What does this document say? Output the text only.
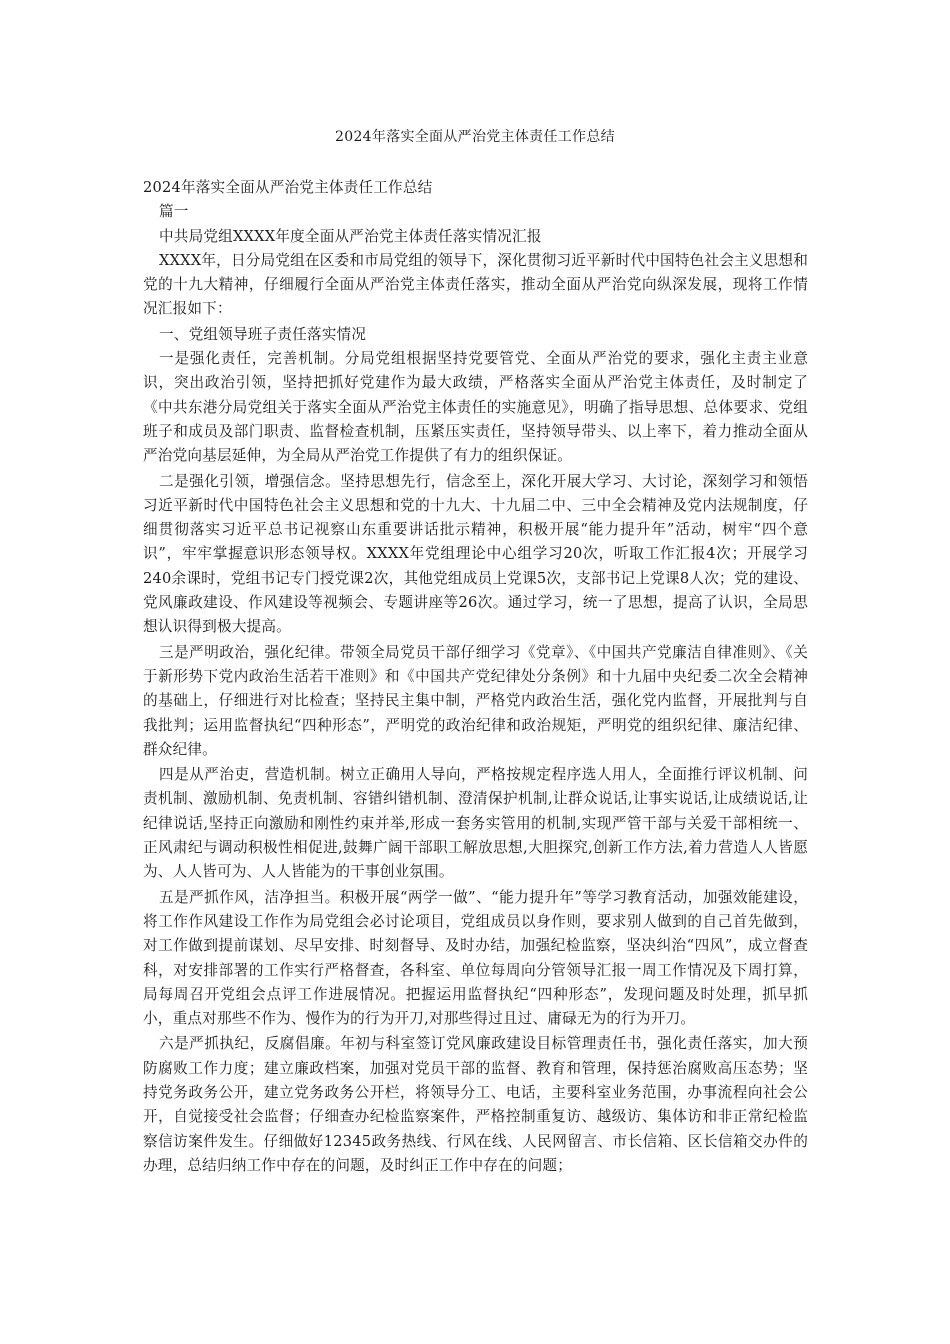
2024年落实全面从严治党主体责任工作总结

2024年落实全面从严治党主体责任工作总结

篇一

中共局党组XXXX年度全面从严治党主体责任落实情况汇报

XXXX年，日分局党组在区委和市局党组的领导下，深化贯彻习近平新时代中国特色社会主义思想和党的十九大精神，仔细履行全面从严治党主体责任落实，推动全面从严治党向纵深发展，现将工作情况汇报如下：

一、党组领导班子责任落实情况

一是强化责任，完善机制。分局党组根据坚持党要管党、全面从严治党的要求，强化主责主业意识，突出政治引领，坚持把抓好党建作为最大政绩，严格落实全面从严治党主体责任，及时制定了《中共东港分局党组关于落实全面从严治党主体责任的实施意见》，明确了指导思想、总体要求、党组班子和成员及部门职责、监督检查机制，压紧压实责任，坚持领导带头、以上率下，着力推动全面从严治党向基层延伸，为全局从严治党工作提供了有力的组织保证。

二是强化引领，增强信念。坚持思想先行，信念至上，深化开展大学习、大讨论，深刻学习和领悟习近平新时代中国特色社会主义思想和党的十九大、十九届二中、三中全会精神及党内法规制度，仔细贯彻落实习近平总书记视察山东重要讲话批示精神，积极开展“能力提升年”活动，树牢“四个意识”，牢牢掌握意识形态领导权。XXXX年党组理论中心组学习20次，听取工作汇报4次；开展学习240余课时，党组书记专门授党课2次，其他党组成员上党课5次，支部书记上党课8人次；党的建设、党风廉政建设、作风建设等视频会、专题讲座等26次。通过学习，统一了思想，提高了认识，全局思想认识得到极大提高。

三是严明政治，强化纪律。带领全局党员干部仔细学习《党章》、《中国共产党廉洁自律准则》、《关于新形势下党内政治生活若干准则》和《中国共产党纪律处分条例》和十九届中央纪委二次全会精神的基础上，仔细进行对比检查；坚持民主集中制，严格党内政治生活，强化党内监督，开展批判与自我批判；运用监督执纪“四种形态”，严明党的政治纪律和政治规矩，严明党的组织纪律、廉洁纪律、群众纪律。

四是从严治吏，营造机制。树立正确用人导向，严格按规定程序选人用人，全面推行评议机制、问责机制、激励机制、免责机制、容错纠错机制、澄清保护机制,让群众说话,让事实说话,让成绩说话,让纪律说话,坚持正向激励和刚性约束并举,形成一套务实管用的机制,实现严管干部与关爱干部相统一、正风肃纪与调动积极性相促进,鼓舞广阔干部职工解放思想,大胆探究,创新工作方法,着力营造人人皆愿为、人人皆可为、人人皆能为的干事创业氛围。

五是严抓作风，洁净担当。积极开展“两学一做”、“能力提升年”等学习教育活动，加强效能建设，将工作作风建设工作作为局党组会必讨论项目，党组成员以身作则，要求别人做到的自己首先做到，对工作做到提前谋划、尽早安排、时刻督导、及时办结，加强纪检监察，坚决纠治“四风”，成立督查科，对安排部署的工作实行严格督查，各科室、单位每周向分管领导汇报一周工作情况及下周打算，局每周召开党组会点评工作进展情况。把握运用监督执纪“四种形态”，发现问题及时处理，抓早抓小，重点对那些不作为、慢作为的行为开刀,对那些得过且过、庸碌无为的行为开刀。

六是严抓执纪，反腐倡廉。年初与科室签订党风廉政建设目标管理责任书，强化责任落实，加大预防腐败工作力度；建立廉政档案，加强对党员干部的监督、教育和管理，保持惩治腐败高压态势；坚持党务政务公开，建立党务政务公开栏，将领导分工、电话，主要科室业务范围，办事流程向社会公开，自觉接受社会监督；仔细查办纪检监察案件，严格控制重复访、越级访、集体访和非正常纪检监察信访案件发生。仔细做好12345政务热线、行风在线、人民网留言、市长信箱、区长信箱交办件的办理，总结归纳工作中存在的问题，及时纠正工作中存在的问题；
